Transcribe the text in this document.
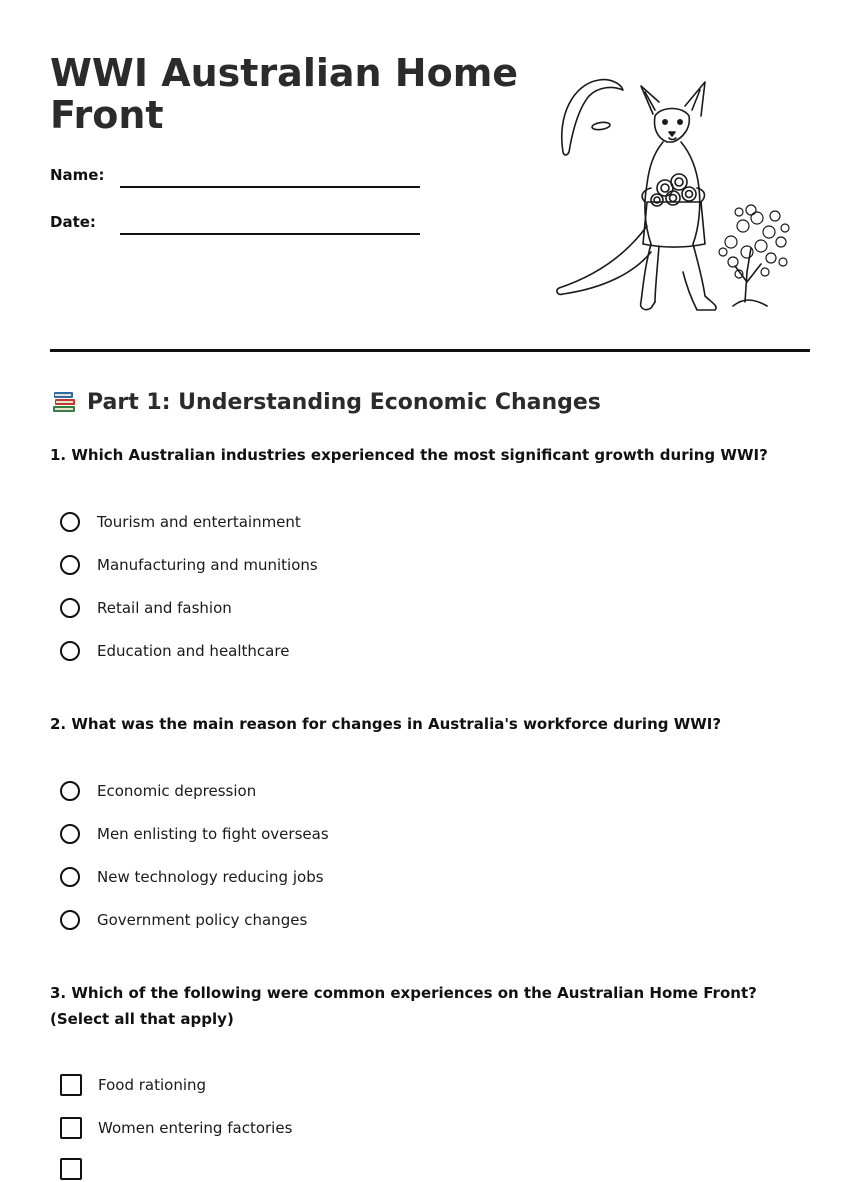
WWI Australian Home Front
Name:
Date:
Part 1: Understanding Economic Changes
1. Which Australian industries experienced the most significant growth during WWI?
Tourism and entertainment
Manufacturing and munitions
Retail and fashion
Education and healthcare
2. What was the main reason for changes in Australia's workforce during WWI?
Economic depression
Men enlisting to fight overseas
New technology reducing jobs
Government policy changes
3. Which of the following were common experiences on the Australian Home Front? (Select all that apply)
Food rationing
Women entering factories
